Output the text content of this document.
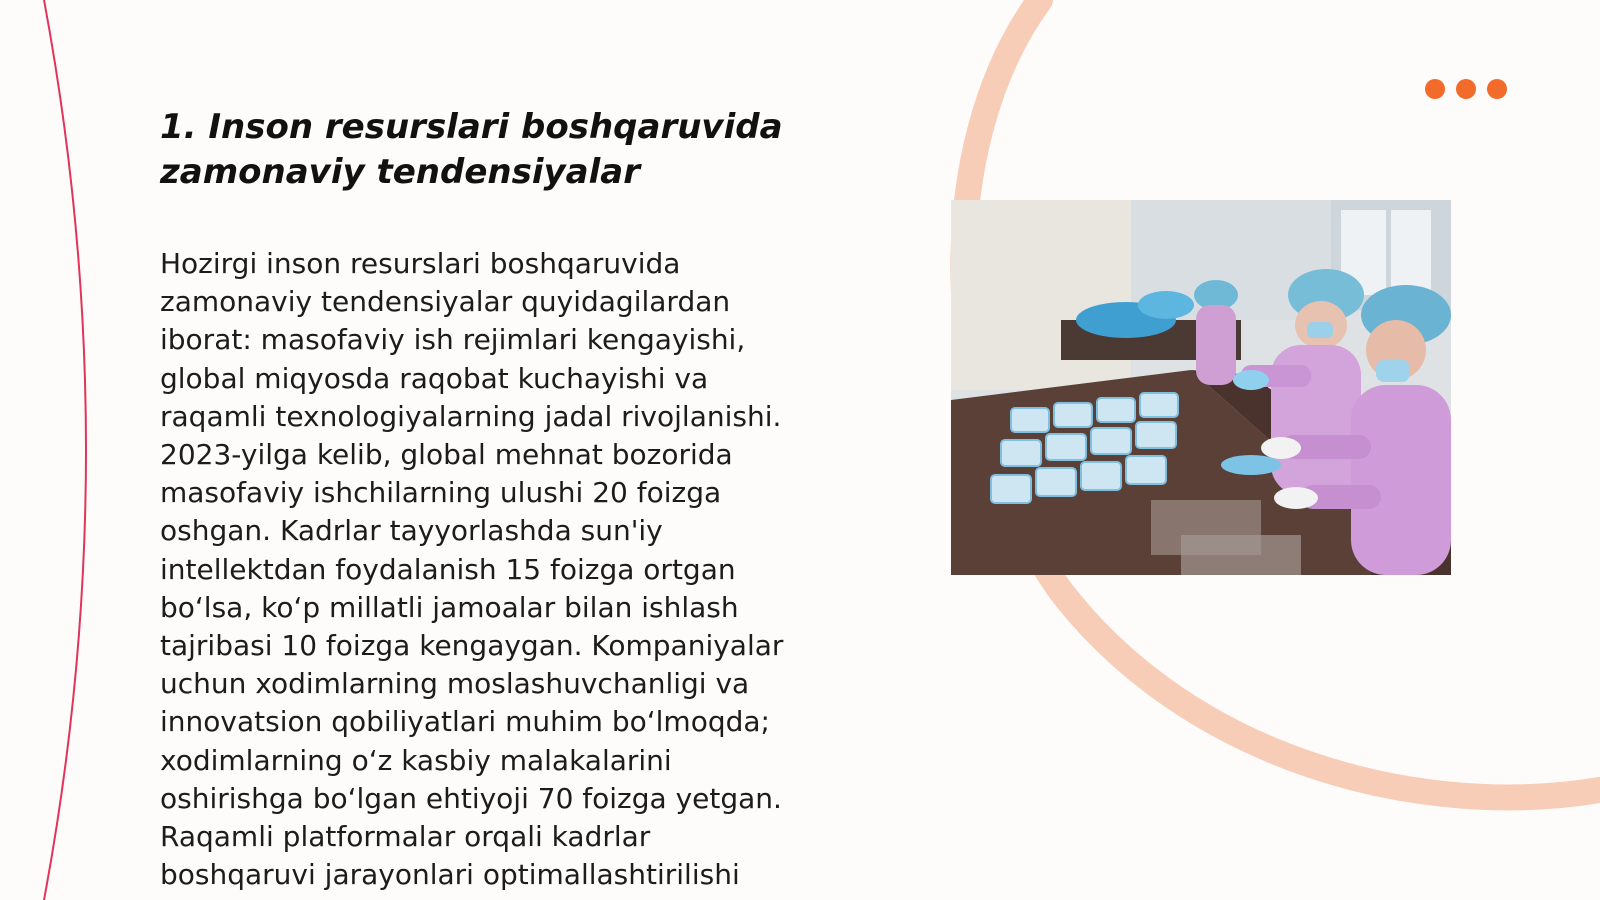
1. Inson resurslari boshqaruvida
zamonaviy tendensiyalar

Hozirgi inson resurslari boshqaruvida
zamonaviy tendensiyalar quyidagilardan
iborat: masofaviy ish rejimlari kengayishi,
global miqyosda raqobat kuchayishi va
raqamli texnologiyalarning jadal rivojlanishi.
2023-yilga kelib, global mehnat bozorida
masofaviy ishchilarning ulushi 20 foizga
oshgan. Kadrlar tayyorlashda sun'iy
intellektdan foydalanish 15 foizga ortgan
bo‘lsa, ko‘p millatli jamoalar bilan ishlash
tajribasi 10 foizga kengaygan. Kompaniyalar
uchun xodimlarning moslashuvchanligi va
innovatsion qobiliyatlari muhim bo‘lmoqda;
xodimlarning o‘z kasbiy malakalarini
oshirishga bo‘lgan ehtiyoji 70 foizga yetgan.
Raqamli platformalar orqali kadrlar
boshqaruvi jarayonlari optimallashtirilishi
